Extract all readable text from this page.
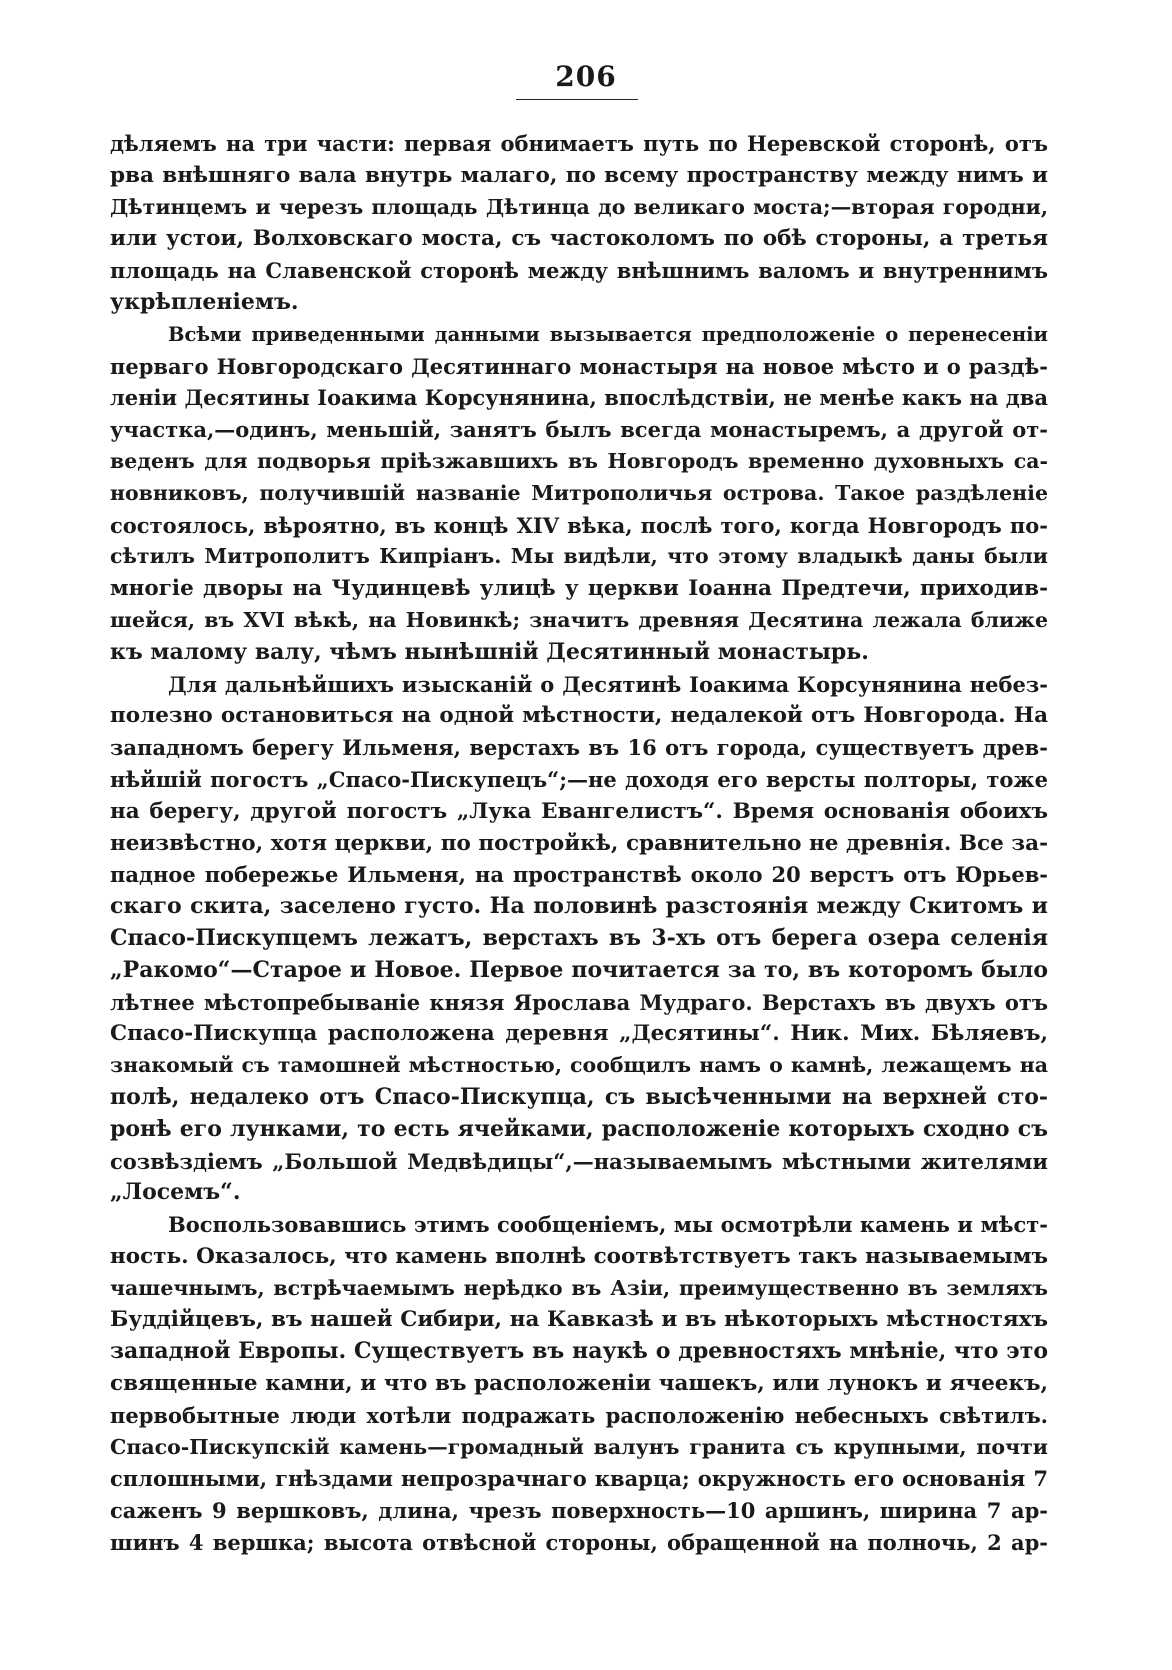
206
дѣляемъ на три части: первая обнимаетъ путь по Неревской сторонѣ, отъ
рва внѣшняго вала внутрь малаго, по всему пространству между нимъ и
Дѣтинцемъ и черезъ площадь Дѣтинца до великаго моста;—вторая городни,
или устои, Волховскаго моста, съ частоколомъ по обѣ стороны, а третья
площадь на Славенской сторонѣ между внѣшнимъ валомъ и внутреннимъ
укрѣпленіемъ.
Всѣми приведенными данными вызывается предположеніе о перенесеніи
перваго Новгородскаго Десятиннаго монастыря на новое мѣсто и о раздѣ-
леніи Десятины Іоакима Корсунянина, впослѣдствіи, не менѣе какъ на два
участка,—одинъ, меньшій, занятъ былъ всегда монастыремъ, а другой от-
веденъ для подворья пріѣзжавшихъ въ Новгородъ временно духовныхъ са-
новниковъ, получившій названіе Митрополичья острова. Такое раздѣленіе
состоялось, вѣроятно, въ концѣ XIV вѣка, послѣ того, когда Новгородъ по-
сѣтилъ Митрополитъ Кипріанъ. Мы видѣли, что этому владыкѣ даны были
многіе дворы на Чудинцевѣ улицѣ у церкви Іоанна Предтечи, приходив-
шейся, въ XVI вѣкѣ, на Новинкѣ; значитъ древняя Десятина лежала ближе
къ малому валу, чѣмъ нынѣшній Десятинный монастырь.
Для дальнѣйшихъ изысканій о Десятинѣ Іоакима Корсунянина небез-
полезно остановиться на одной мѣстности, недалекой отъ Новгорода. На
западномъ берегу Ильменя, верстахъ въ 16 отъ города, существуетъ древ-
нѣйшій погостъ „Спасо-Пискупецъ“;—не доходя его версты полторы, тоже
на берегу, другой погостъ „Лука Евангелистъ“. Время основанія обоихъ
неизвѣстно, хотя церкви, по постройкѣ, сравнительно не древнія. Все за-
падное побережье Ильменя, на пространствѣ около 20 верстъ отъ Юрьев-
скаго скита, заселено густо. На половинѣ разстоянія между Скитомъ и
Спасо-Пискупцемъ лежатъ, верстахъ въ 3-хъ отъ берега озера селенія
„Ракомо“—Старое и Новое. Первое почитается за то, въ которомъ было
лѣтнее мѣстопребываніе князя Ярослава Мудраго. Верстахъ въ двухъ отъ
Спасо-Пискупца расположена деревня „Десятины“. Ник. Мих. Бѣляевъ,
знакомый съ тамошней мѣстностью, сообщилъ намъ о камнѣ, лежащемъ на
полѣ, недалеко отъ Спасо-Пискупца, съ высѣченными на верхней сто-
ронѣ его лунками, то есть ячейками, расположеніе которыхъ сходно съ
созвѣздіемъ „Большой Медвѣдицы“,—называемымъ мѣстными жителями
„Лосемъ“.
Воспользовавшись этимъ сообщеніемъ, мы осмотрѣли камень и мѣст-
ность. Оказалось, что камень вполнѣ соотвѣтствуетъ такъ называемымъ
чашечнымъ, встрѣчаемымъ нерѣдко въ Азіи, преимущественно въ земляхъ
Буддійцевъ, въ нашей Сибири, на Кавказѣ и въ нѣкоторыхъ мѣстностяхъ
западной Европы. Существуетъ въ наукѣ о древностяхъ мнѣніе, что это
священные камни, и что въ расположеніи чашекъ, или лунокъ и ячеекъ,
первобытные люди хотѣли подражать расположенію небесныхъ свѣтилъ.
Спасо-Пискупскій камень—громадный валунъ гранита съ крупными, почти
сплошными, гнѣздами непрозрачнаго кварца; окружность его основанія 7
саженъ 9 вершковъ, длина, чрезъ поверхность—10 аршинъ, ширина 7 ар-
шинъ 4 вершка; высота отвѣсной стороны, обращенной на полночь, 2 ар-
